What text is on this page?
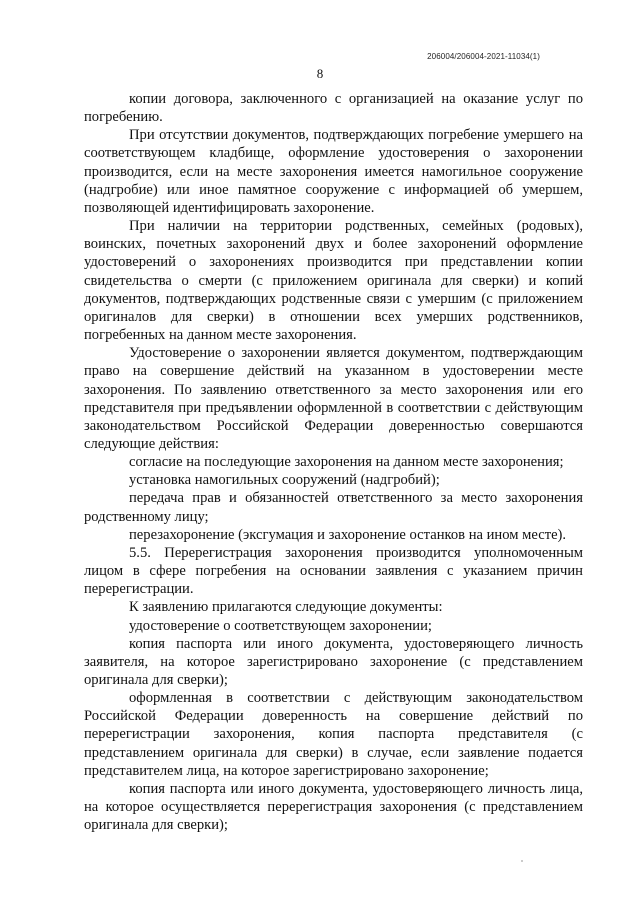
206004/206004-2021-11034(1)
8

копии договора, заключенного с организацией на оказание услуг по погребению.

При отсутствии документов, подтверждающих погребение умершего на соответствующем кладбище, оформление удостоверения о захоронении производится, если на месте захоронения имеется намогильное сооружение (надгробие) или иное памятное сооружение с информацией об умершем, позволяющей идентифицировать захоронение.

При наличии на территории родственных, семейных (родовых), воинских, почетных захоронений двух и более захоронений оформление удостоверений о захоронениях производится при представлении копии свидетельства о смерти (с приложением оригинала для сверки) и копий документов, подтверждающих родственные связи с умершим (с приложением оригиналов для сверки) в отношении всех умерших родственников, погребенных на данном месте захоронения.

Удостоверение о захоронении является документом, подтверждающим право на совершение действий на указанном в удостоверении месте захоронения. По заявлению ответственного за место захоронения или его представителя при предъявлении оформленной в соответствии с действующим законодательством Российской Федерации доверенностью совершаются следующие действия:

согласие на последующие захоронения на данном месте захоронения;

установка намогильных сооружений (надгробий);

передача прав и обязанностей ответственного за место захоронения родственному лицу;

перезахоронение (эксгумация и захоронение останков на ином месте).

5.5. Перерегистрация захоронения производится уполномоченным лицом в сфере погребения на основании заявления с указанием причин перерегистрации.

К заявлению прилагаются следующие документы:

удостоверение о соответствующем захоронении;

копия паспорта или иного документа, удостоверяющего личность заявителя, на которое зарегистрировано захоронение (с представлением оригинала для сверки);

оформленная в соответствии с действующим законодательством Российской Федерации доверенность на совершение действий по перерегистрации захоронения, копия паспорта представителя (с представлением оригинала для сверки) в случае, если заявление подается представителем лица, на которое зарегистрировано захоронение;

копия паспорта или иного документа, удостоверяющего личность лица, на которое осуществляется перерегистрация захоронения (с представлением оригинала для сверки);
